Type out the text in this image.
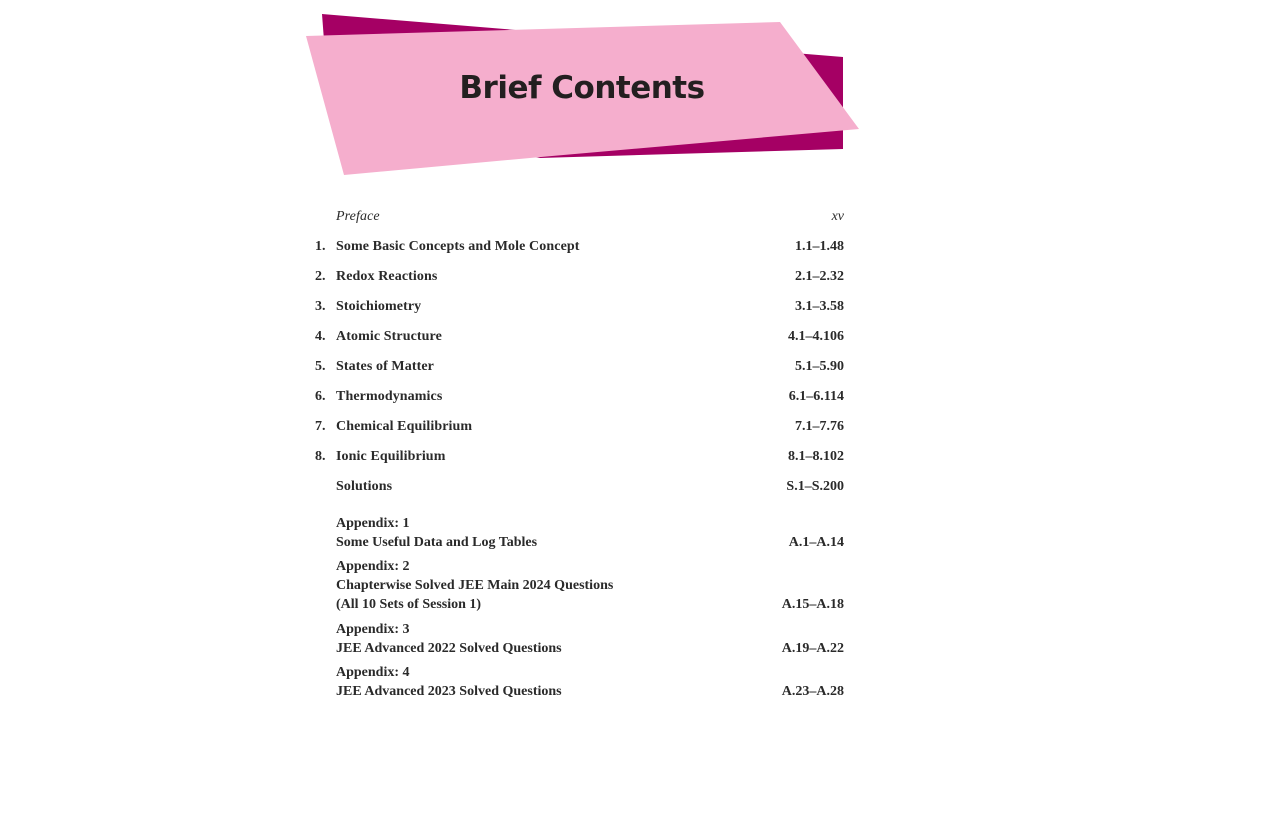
Brief Contents
Preface	xv
1. Some Basic Concepts and Mole Concept	1.1–1.48
2. Redox Reactions	2.1–2.32
3. Stoichiometry	3.1–3.58
4. Atomic Structure	4.1–4.106
5. States of Matter	5.1–5.90
6. Thermodynamics	6.1–6.114
7. Chemical Equilibrium	7.1–7.76
8. Ionic Equilibrium	8.1–8.102
Solutions	S.1–S.200
Appendix: 1
Some Useful Data and Log Tables	A.1–A.14
Appendix: 2
Chapterwise Solved JEE Main 2024 Questions
(All 10 Sets of Session 1)	A.15–A.18
Appendix: 3
JEE Advanced 2022 Solved Questions	A.19–A.22
Appendix: 4
JEE Advanced 2023 Solved Questions	A.23–A.28
